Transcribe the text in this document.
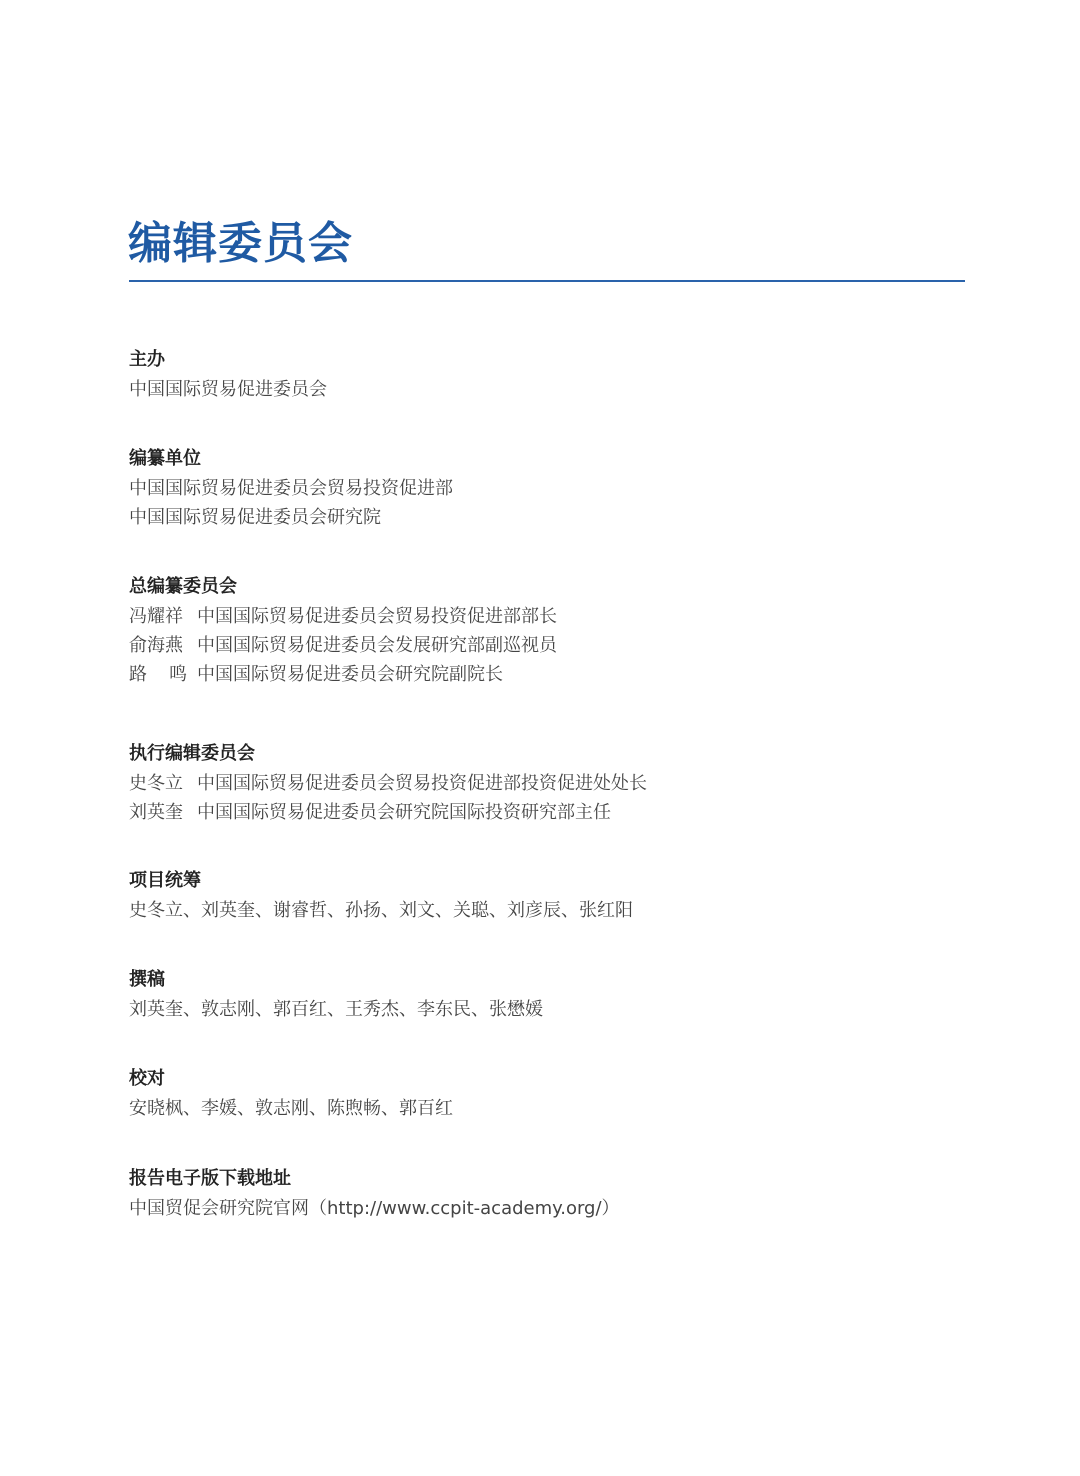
编辑委员会
主办
中国国际贸易促进委员会
编纂单位
中国国际贸易促进委员会贸易投资促进部
中国国际贸易促进委员会研究院
总编纂委员会
冯耀祥 中国国际贸易促进委员会贸易投资促进部部长
俞海燕 中国国际贸易促进委员会发展研究部副巡视员
路 鸣 中国国际贸易促进委员会研究院副院长
执行编辑委员会
史冬立 中国国际贸易促进委员会贸易投资促进部投资促进处处长
刘英奎 中国国际贸易促进委员会研究院国际投资研究部主任
项目统筹
史冬立、刘英奎、谢睿哲、孙扬、刘文、关聪、刘彦辰、张红阳
撰稿
刘英奎、敦志刚、郭百红、王秀杰、李东民、张懋媛
校对
安晓枫、李媛、敦志刚、陈煦畅、郭百红
报告电子版下载地址
中国贸促会研究院官网（http://www.ccpit-academy.org/）
